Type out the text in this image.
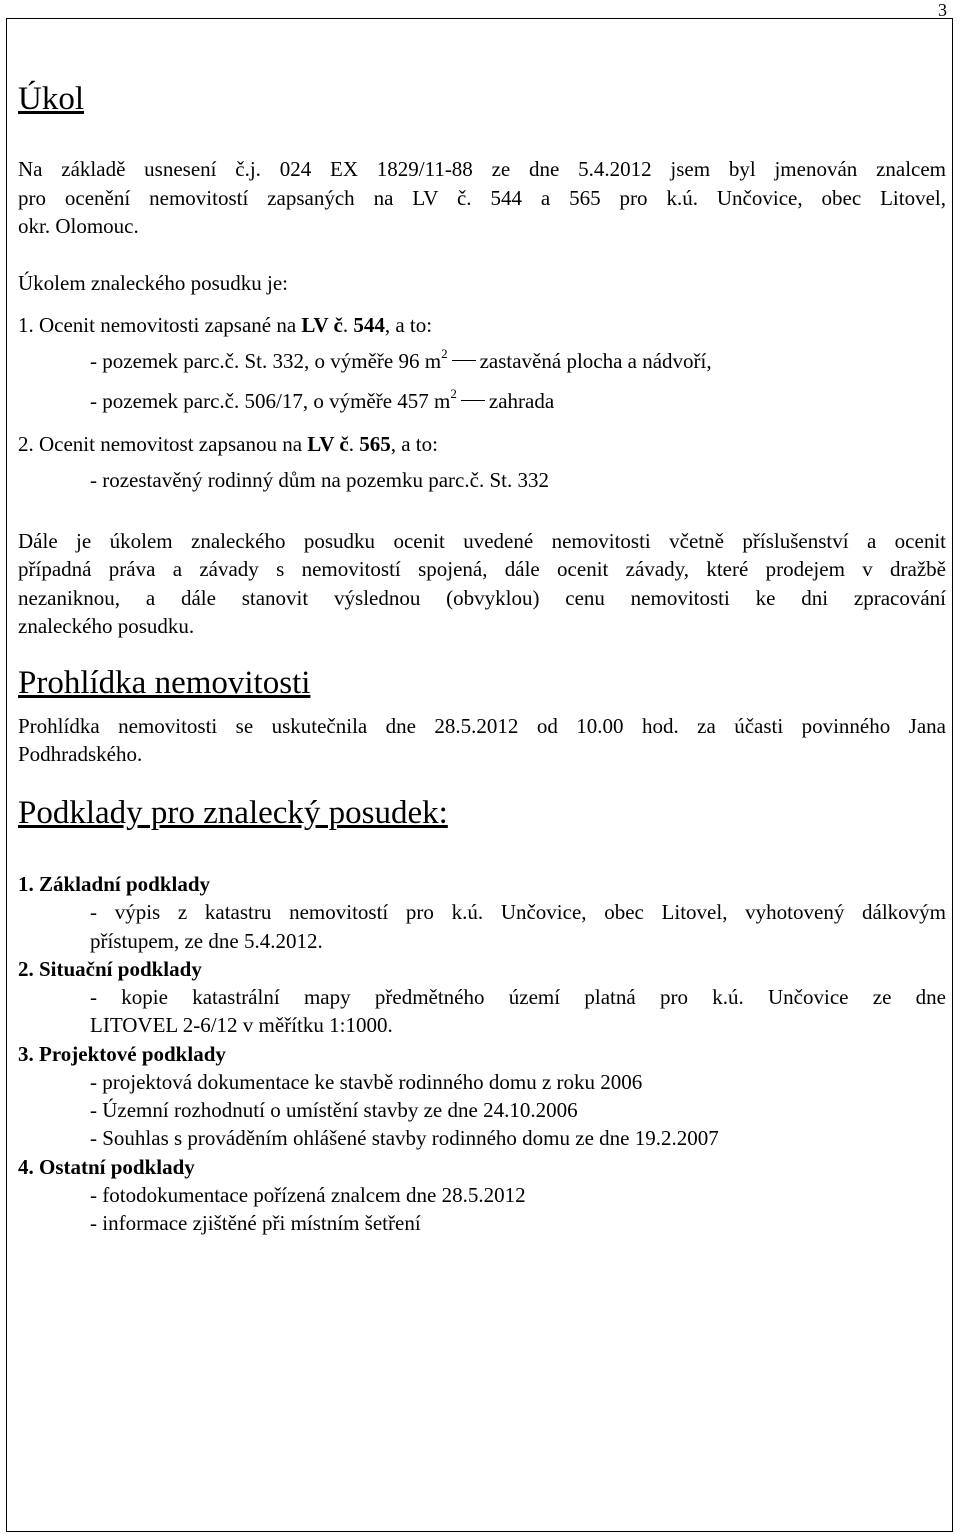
3
Úkol
Na základě usnesení č.j. 024 EX 1829/11-88 ze dne 5.4.2012 jsem byl jmenován znalcem
pro ocenění nemovitostí zapsaných na LV č. 544 a 565 pro k.ú. Unčovice, obec Litovel,
okr. Olomouc.
Úkolem znaleckého posudku je:
1. Ocenit nemovitosti zapsané na LV č. 544, a to:
- pozemek parc.č. St. 332, o výměře 96 $m^2$ zastavěná plocha a nádvoří,
- pozemek parc.č. 506/17, o výměře 457 $m^2$ zahrada
2. Ocenit nemovitost zapsanou na LV č. 565, a to:
- rozestavěný rodinný dům na pozemku parc.č. St. 332
Dále je úkolem znaleckého posudku ocenit uvedené nemovitosti včetně příslušenství a ocenit
případná práva a závady s nemovitostí spojená, dále ocenit závady, které prodejem v dražbě
nezaniknou, a dále stanovit výslednou (obvyklou) cenu nemovitosti ke dni zpracování
znaleckého posudku.
Prohlídka nemovitosti
Prohlídka nemovitosti se uskutečnila dne 28.5.2012 od 10.00 hod. za účasti povinného Jana
Podhradského.
Podklady pro znalecký posudek:
1. Základní podklady
- výpis z katastru nemovitostí pro k.ú. Unčovice, obec Litovel, vyhotovený dálkovým
přístupem, ze dne 5.4.2012.
2. Situační podklady
- kopie katastrální mapy předmětného území platná pro k.ú. Unčovice ze dne
LITOVEL 2-6/12 v měřítku 1:1000.
3. Projektové podklady
- projektová dokumentace ke stavbě rodinného domu z roku 2006
- Územní rozhodnutí o umístění stavby ze dne 24.10.2006
- Souhlas s prováděním ohlášené stavby rodinného domu ze dne 19.2.2007
4. Ostatní podklady
- fotodokumentace pořízená znalcem dne 28.5.2012
- informace zjištěné při místním šetření
